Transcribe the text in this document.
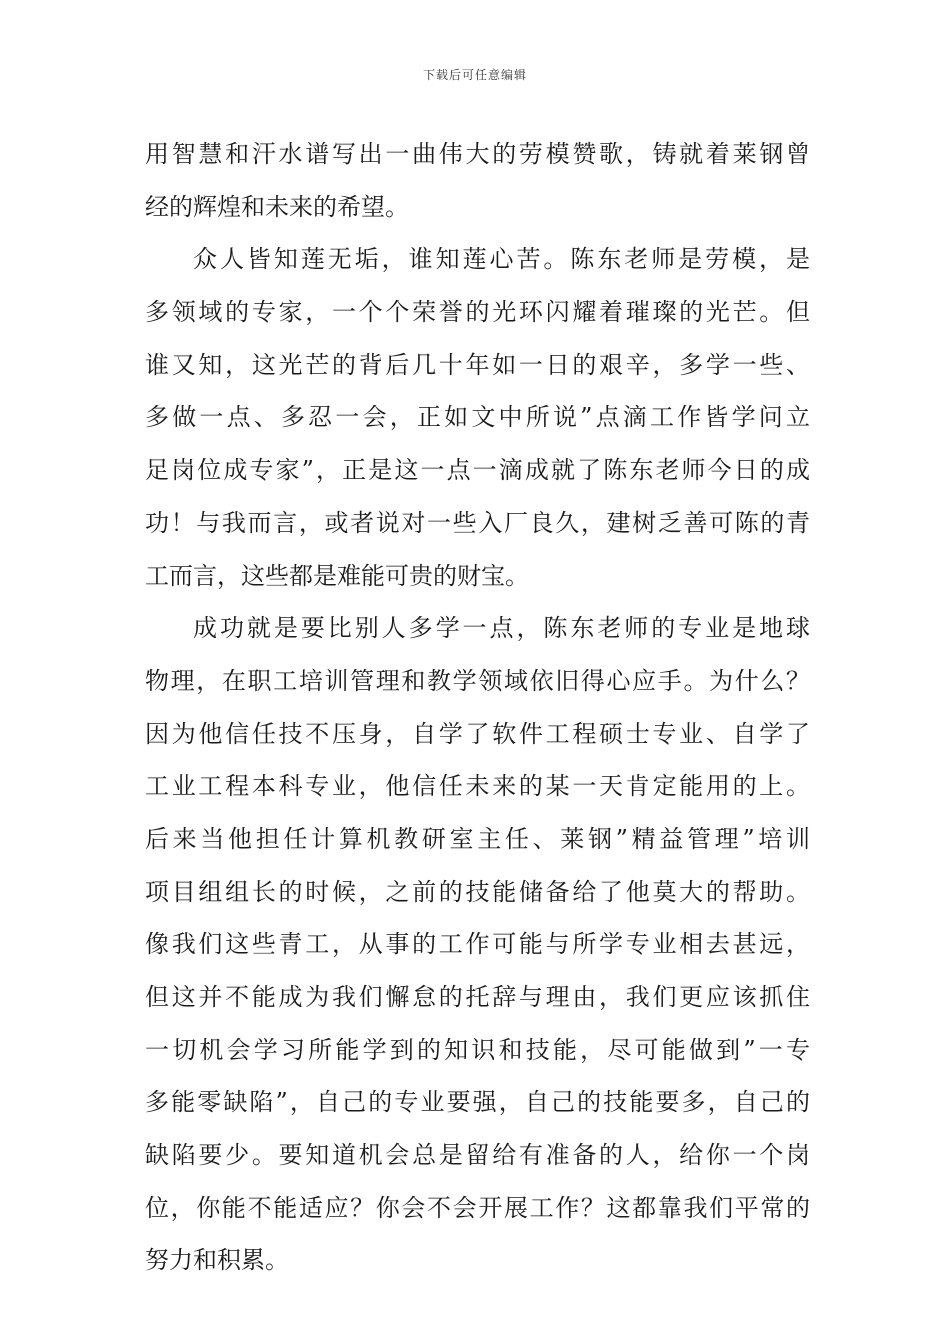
下载后可任意编辑
用智慧和汗水谱写出一曲伟大的劳模赞歌，铸就着莱钢曾
经的辉煌和未来的希望。
众人皆知莲无垢，谁知莲心苦。陈东老师是劳模，是
多领域的专家，一个个荣誉的光环闪耀着璀璨的光芒。但
谁又知，这光芒的背后几十年如一日的艰辛，多学一些、
多做一点、多忍一会，正如文中所说”点滴工作皆学问立
足岗位成专家”，正是这一点一滴成就了陈东老师今日的成
功！与我而言，或者说对一些入厂良久，建树乏善可陈的青
工而言，这些都是难能可贵的财宝。
成功就是要比别人多学一点，陈东老师的专业是地球
物理，在职工培训管理和教学领域依旧得心应手。为什么？
因为他信任技不压身，自学了软件工程硕士专业、自学了
工业工程本科专业，他信任未来的某一天肯定能用的上。
后来当他担任计算机教研室主任、莱钢”精益管理”培训
项目组组长的时候，之前的技能储备给了他莫大的帮助。
像我们这些青工，从事的工作可能与所学专业相去甚远，
但这并不能成为我们懈怠的托辞与理由，我们更应该抓住
一切机会学习所能学到的知识和技能，尽可能做到”一专
多能零缺陷”，自己的专业要强，自己的技能要多，自己的
缺陷要少。要知道机会总是留给有准备的人，给你一个岗
位，你能不能适应？你会不会开展工作？这都靠我们平常的
努力和积累。
